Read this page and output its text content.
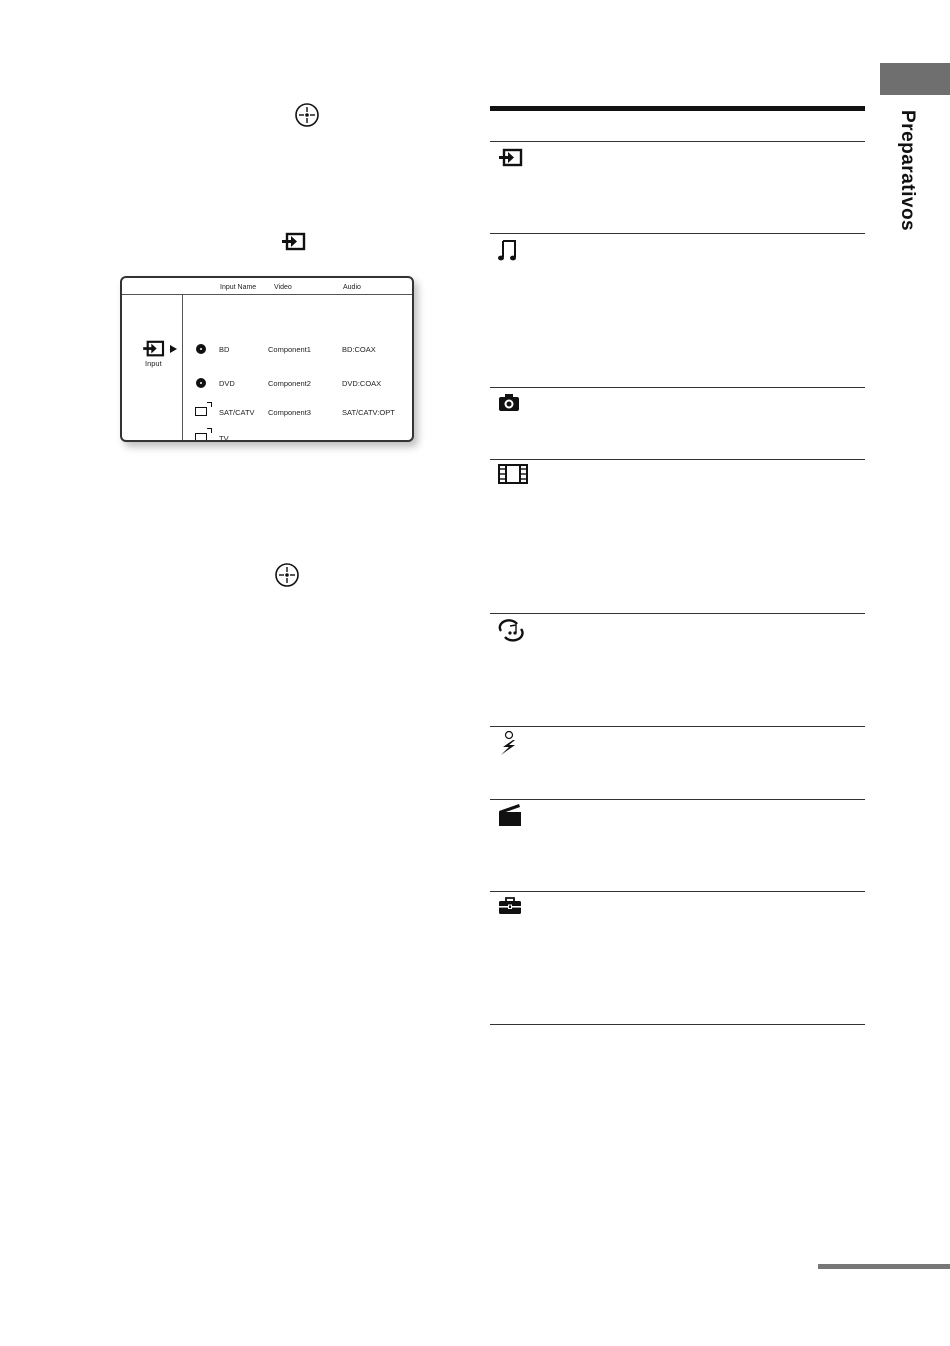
Preparativos
Input Name	Video	Audio
Input
BD	Component1	BD:COAX
DVD	Component2	DVD:COAX
SAT/CATV Component3	SAT/CATV:OPT
TV
